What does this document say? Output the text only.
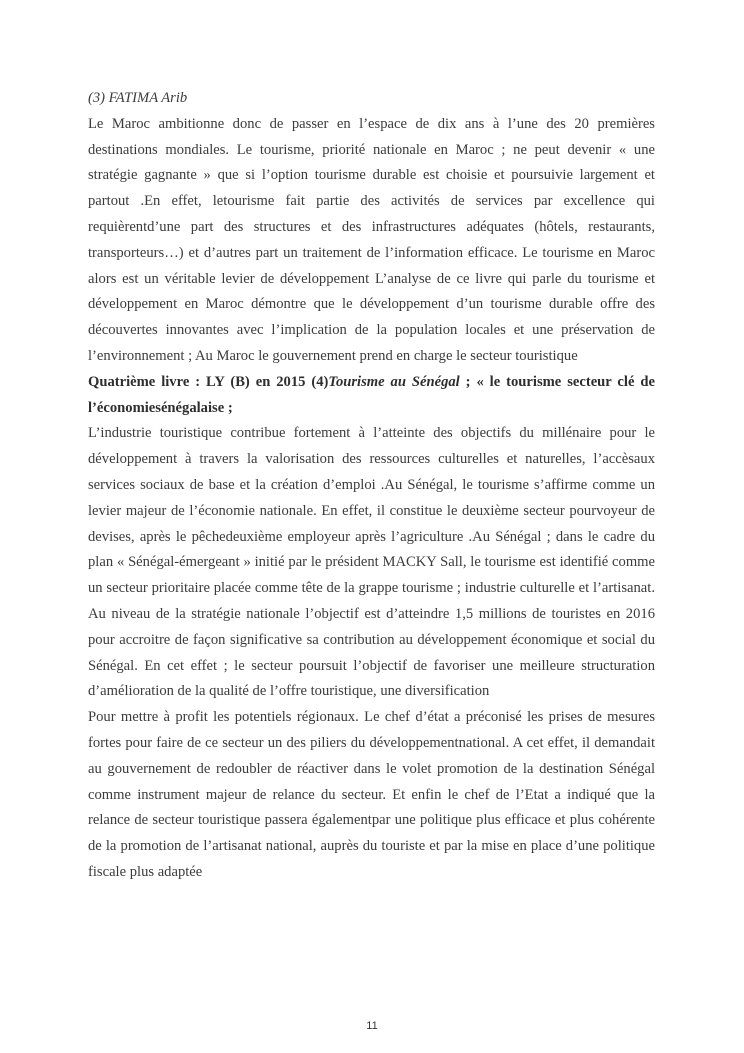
(3) FATIMA Arib

Le Maroc ambitionne donc de passer en l’espace de dix ans à l’une des 20 premières destinations mondiales. Le tourisme, priorité nationale en Maroc ; ne peut devenir « une stratégie gagnante » que si l’option tourisme durable est choisie et poursuivie largement et partout .En effet, letourisme fait partie des activités de services par excellence qui requièrentd’une part des structures et des infrastructures adéquates (hôtels, restaurants, transporteurs…) et d’autres part un traitement de l’information efficace. Le tourisme en Maroc alors est un véritable levier de développement L’analyse de ce livre qui parle du tourisme et développement en Maroc démontre que le développement d’un tourisme durable offre des découvertes innovantes avec l’implication de la population locales et une préservation de l’environnement ; Au Maroc le gouvernement prend en charge le secteur touristique

Quatrième livre : LY (B) en 2015 (4)Tourisme au Sénégal ; « le tourisme secteur clé de l’économiesénégalaise ;

L’industrie touristique contribue fortement à l’atteinte des objectifs du millénaire pour le développement à travers la valorisation des ressources culturelles et naturelles, l’accèsaux services sociaux de base et la création d’emploi .Au Sénégal, le tourisme s’affirme comme un levier majeur de l’économie nationale. En effet, il constitue le deuxième secteur pourvoyeur de devises, après le pêchedeuxième employeur après l’agriculture .Au Sénégal ; dans le cadre du plan « Sénégal-émergeant » initié par le président MACKY Sall, le tourisme est identifié comme un secteur prioritaire placée comme tête de la grappe tourisme ; industrie culturelle et l’artisanat. Au niveau de la stratégie nationale l’objectif est d’atteindre 1,5 millions de touristes en 2016 pour accroitre de façon significative sa contribution au développement économique et social du Sénégal. En cet effet ; le secteur poursuit l’objectif de favoriser une meilleure structuration d’amélioration de la qualité de l’offre touristique, une diversification

Pour mettre à profit les potentiels régionaux. Le chef d’état a préconisé les prises de mesures fortes pour faire de ce secteur un des piliers du développementnational. A cet effet, il demandait au gouvernement de redoubler de réactiver dans le volet promotion de la destination Sénégal comme instrument majeur de relance du secteur. Et enfin le chef de l’Etat a indiqué que la relance de secteur touristique passera égalementpar une politique plus efficace et plus cohérente de la promotion de l’artisanat national, auprès du touriste et par la mise en place d’une politique fiscale plus adaptée

11
